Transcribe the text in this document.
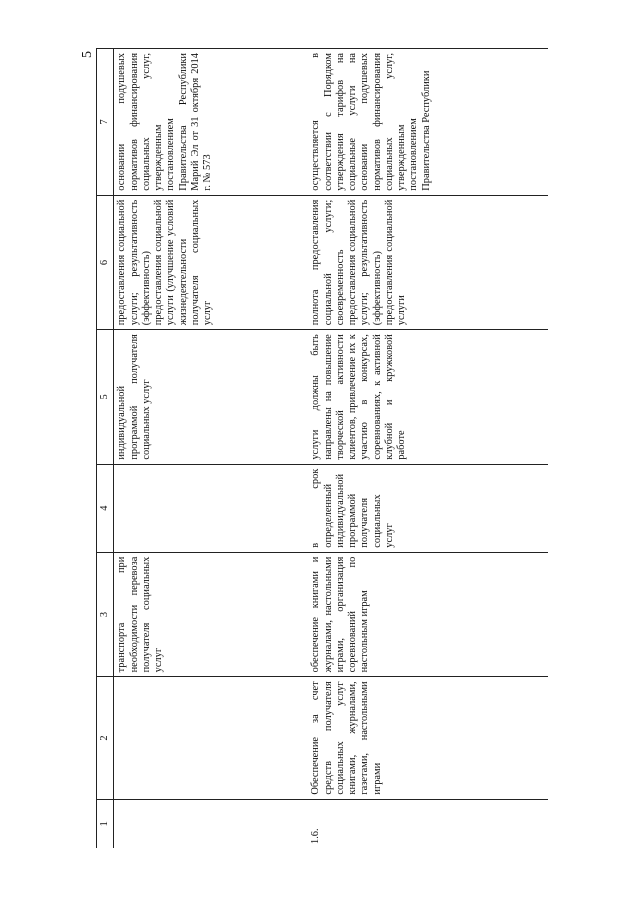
5
1	2	3	4	5	6	7
		транспорта при необходимости перевоза получателя социальных услуг		индивидуальной программой получателя социальных услуг	предоставления социальной услуги; результативность (эффективность) предоставления социальной услуги (улучшение условий жизнедеятельности получателя социальных услуг	основании подушевых нормативов финансирования социальных услуг, утвержденным постановлением Правительства Республики Марий Эл от 31 октября 2014 г. № 573
1.6.	Обеспечение за счет средств получателя социальных услуг книгами, журналами, газетами, настольными играми	обеспечение книгами и журналами, настольными играми, организация соревнований по настольным играм	в срок определенный индивидуальной программой получателя социальных услуг	услуги должны быть направлены на повышение творческой активности клиентов, привлечение их к участию в конкурсах, соревнованиях, к активной клубной и кружковой работе	полнота предоставления социальной услуги; своевременность предоставления социальной услуги; результативность (эффективность) предоставления социальной услуги	осуществляется в соответствии с Порядком утверждения тарифов на социальные услуги на основании подушевых нормативов финансирования социальных услуг, утвержденным постановлением Правительства Республики
